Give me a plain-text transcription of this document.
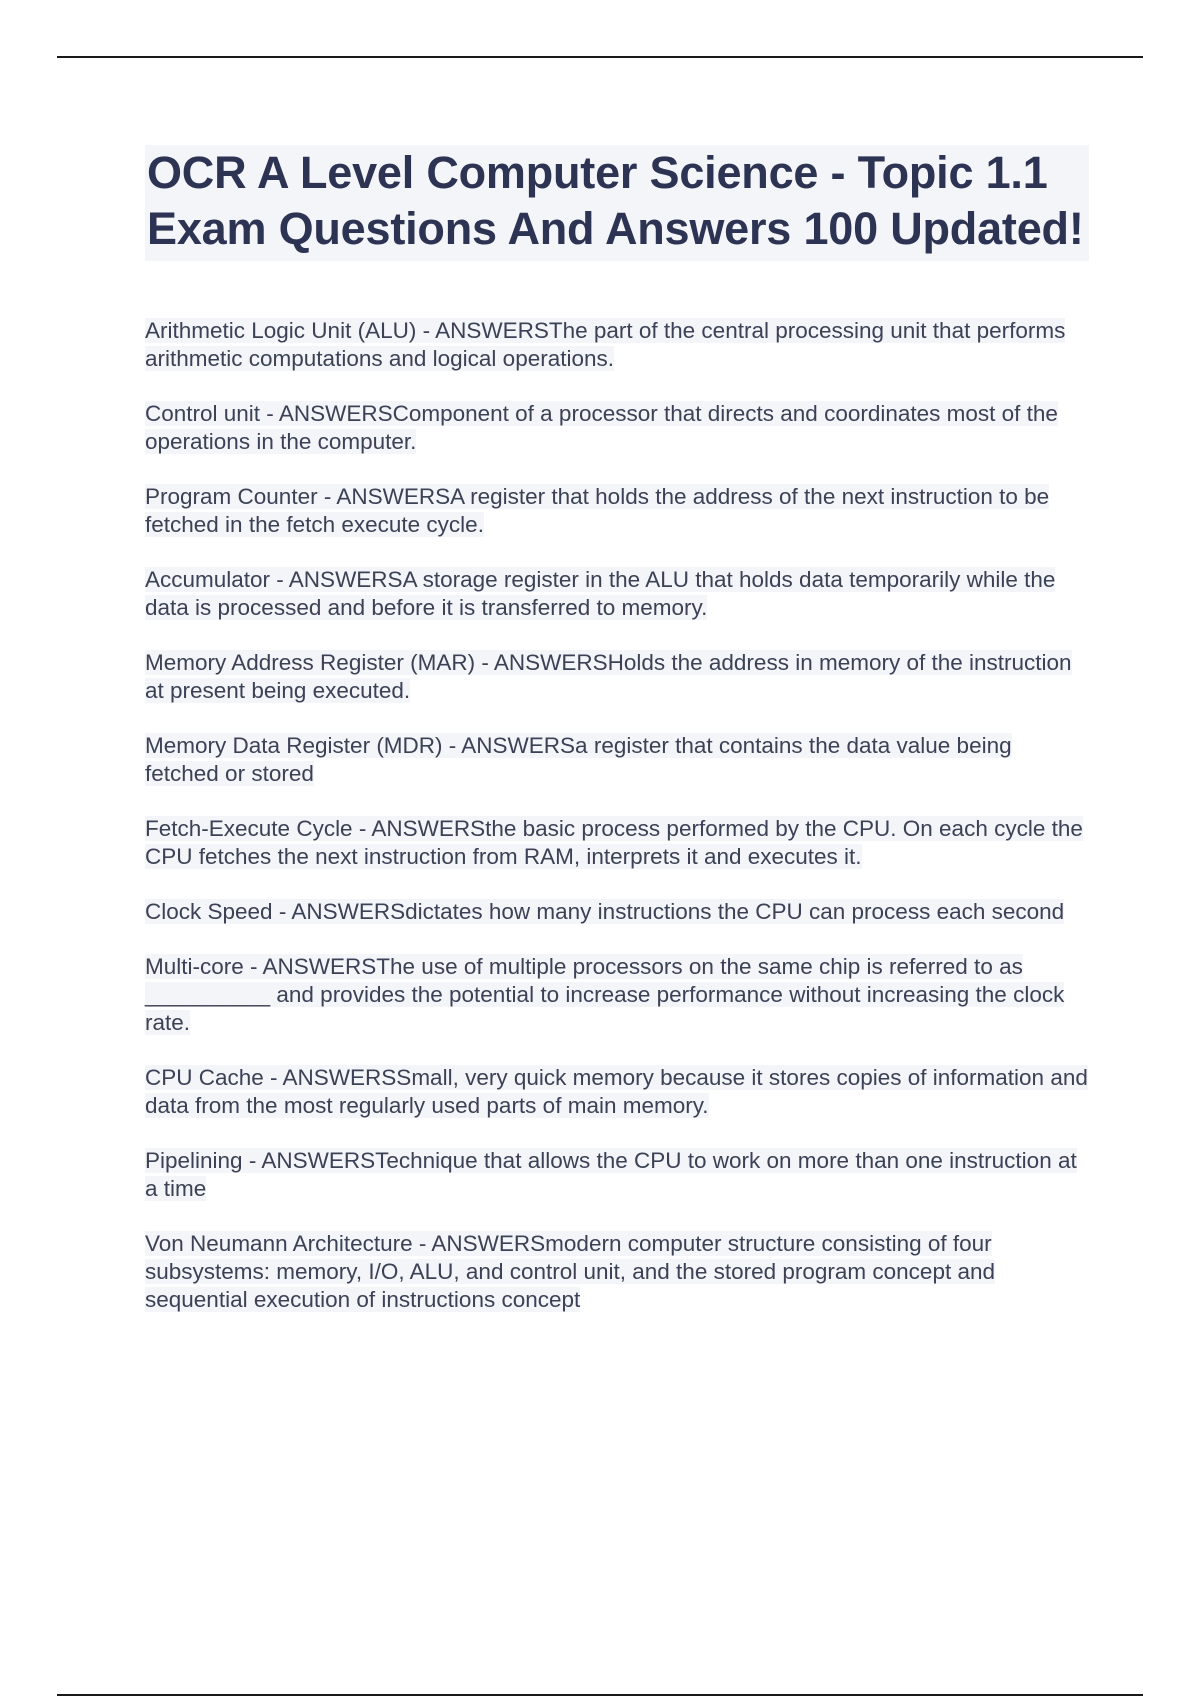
OCR A Level Computer Science - Topic 1.1 Exam Questions And Answers 100 Updated!

Arithmetic Logic Unit (ALU) - ANSWERSThe part of the central processing unit that performs arithmetic computations and logical operations.

Control unit - ANSWERSComponent of a processor that directs and coordinates most of the operations in the computer.

Program Counter - ANSWERSA register that holds the address of the next instruction to be fetched in the fetch execute cycle.

Accumulator - ANSWERSA storage register in the ALU that holds data temporarily while the data is processed and before it is transferred to memory.

Memory Address Register (MAR) - ANSWERSHolds the address in memory of the instruction at present being executed.

Memory Data Register (MDR) - ANSWERSa register that contains the data value being fetched or stored

Fetch-Execute Cycle - ANSWERSthe basic process performed by the CPU. On each cycle the CPU fetches the next instruction from RAM, interprets it and executes it.

Clock Speed - ANSWERSdictates how many instructions the CPU can process each second

Multi-core - ANSWERSThe use of multiple processors on the same chip is referred to as __________ and provides the potential to increase performance without increasing the clock rate.

CPU Cache - ANSWERSSmall, very quick memory because it stores copies of information and data from the most regularly used parts of main memory.

Pipelining - ANSWERSTechnique that allows the CPU to work on more than one instruction at a time

Von Neumann Architecture - ANSWERSmodern computer structure consisting of four subsystems: memory, I/O, ALU, and control unit, and the stored program concept and sequential execution of instructions concept
